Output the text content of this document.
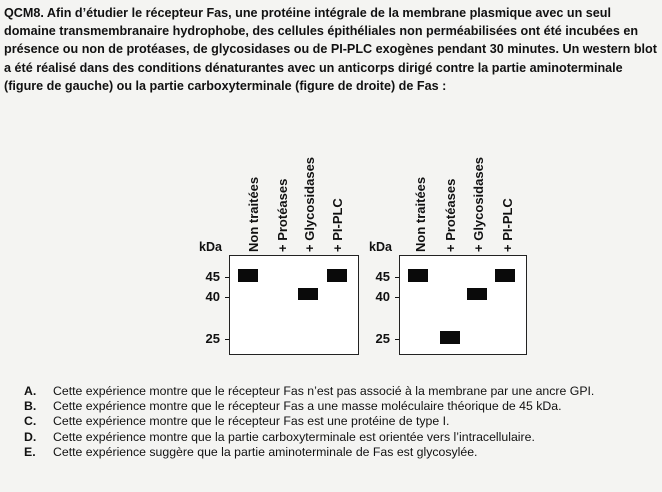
QCM8. Afin d’étudier le récepteur Fas, une protéine intégrale de la membrane plasmique avec un seul domaine transmembranaire hydrophobe, des cellules épithéliales non perméabilisées ont été incubées en présence ou non de protéases, de glycosidases ou de PI-PLC exogènes pendant 30 minutes. Un western blot a été réalisé dans des conditions dénaturantes avec un anticorps dirigé contre la partie aminoterminale (figure de gauche) ou la partie carboxyterminale (figure de droite) de Fas :

Non traitées + Protéases + Glycosidases + PI-PLC
kDa
45
40
25
Non traitées + Protéases + Glycosidases + PI-PLC
kDa
45
40
25
A.	Cette expérience montre que le récepteur Fas n’est pas associé à la membrane par une ancre GPI.
B.	Cette expérience montre que le récepteur Fas a une masse moléculaire théorique de 45 kDa.
C.	Cette expérience montre que le récepteur Fas est une protéine de type I.
D.	Cette expérience montre que la partie carboxyterminale est orientée vers l’intracellulaire.
E.	Cette expérience suggère que la partie aminoterminale de Fas est glycosylée.
